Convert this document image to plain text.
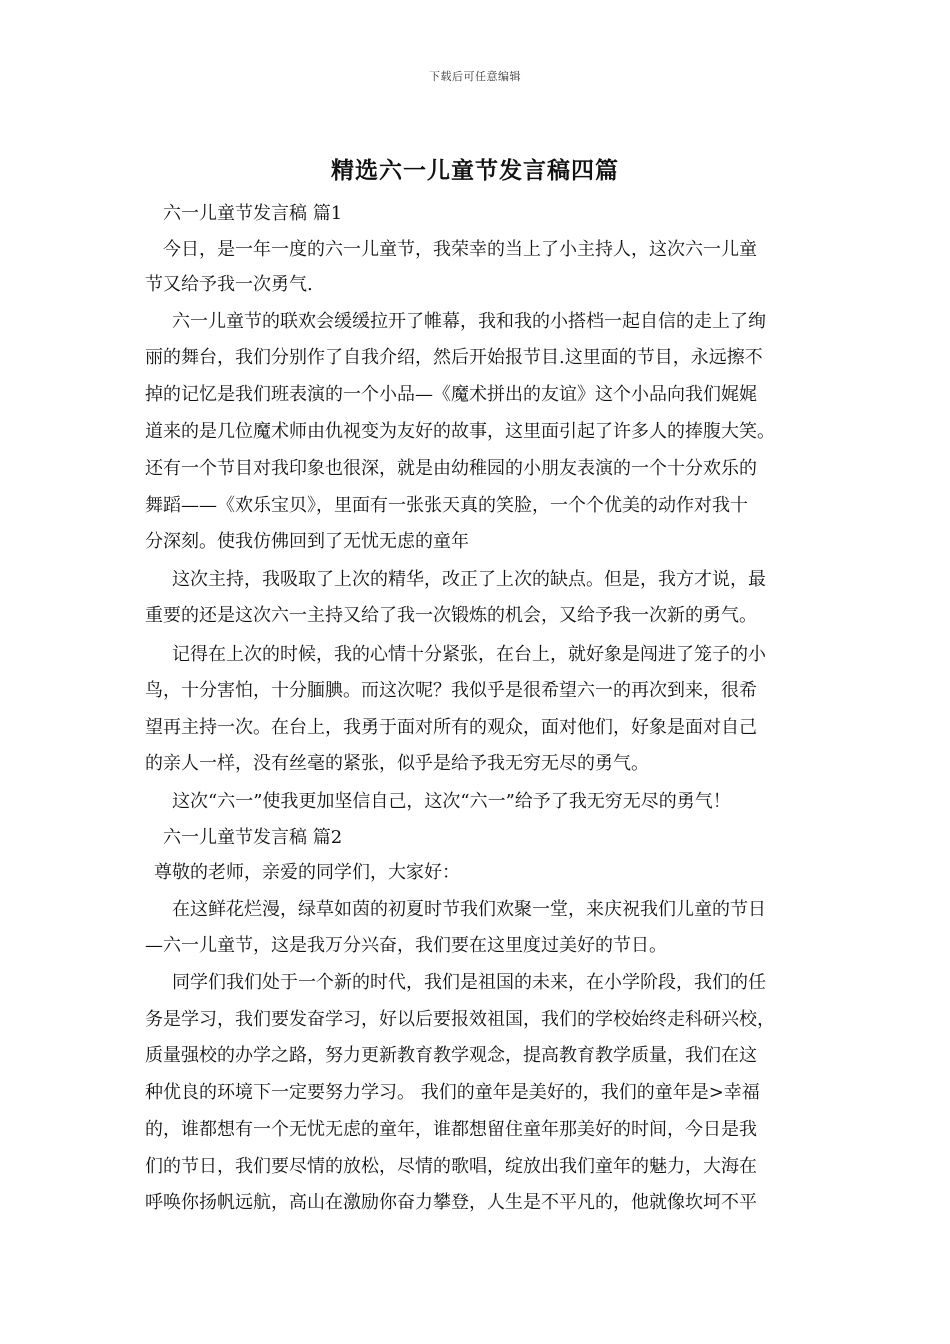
下载后可任意编辑
精选六一儿童节发言稿四篇
六一儿童节发言稿 篇1
今日，是一年一度的六一儿童节，我荣幸的当上了小主持人，这次六一儿童
节又给予我一次勇气.
六一儿童节的联欢会缓缓拉开了帷幕，我和我的小搭档一起自信的走上了绚
丽的舞台，我们分别作了自我介绍，然后开始报节目.这里面的节目，永远擦不
掉的记忆是我们班表演的一个小品—《魔术拼出的友谊》这个小品向我们娓娓
道来的是几位魔术师由仇视变为友好的故事，这里面引起了许多人的捧腹大笑。
还有一个节目对我印象也很深，就是由幼稚园的小朋友表演的一个十分欢乐的
舞蹈——《欢乐宝贝》，里面有一张张天真的笑脸，一个个优美的动作对我十
分深刻。使我仿佛回到了无忧无虑的童年
这次主持，我吸取了上次的精华，改正了上次的缺点。但是，我方才说，最
重要的还是这次六一主持又给了我一次锻炼的机会，又给予我一次新的勇气。
记得在上次的时候，我的心情十分紧张，在台上，就好象是闯进了笼子的小
鸟，十分害怕，十分腼腆。而这次呢？我似乎是很希望六一的再次到来，很希
望再主持一次。在台上，我勇于面对所有的观众，面对他们，好象是面对自己
的亲人一样，没有丝毫的紧张，似乎是给予我无穷无尽的勇气。
这次“六一”使我更加坚信自己，这次“六一”给予了我无穷无尽的勇气！
六一儿童节发言稿 篇2
尊敬的老师，亲爱的同学们，大家好：
在这鲜花烂漫，绿草如茵的初夏时节我们欢聚一堂，来庆祝我们儿童的节日
—六一儿童节，这是我万分兴奋，我们要在这里度过美好的节日。
同学们我们处于一个新的时代，我们是祖国的未来，在小学阶段，我们的任
务是学习，我们要发奋学习，好以后要报效祖国，我们的学校始终走科研兴校，
质量强校的办学之路，努力更新教育教学观念，提高教育教学质量，我们在这
种优良的环境下一定要努力学习。 我们的童年是美好的，我们的童年是>幸福
的，谁都想有一个无忧无虑的童年，谁都想留住童年那美好的时间，今日是我
们的节日，我们要尽情的放松，尽情的歌唱，绽放出我们童年的魅力，大海在
呼唤你扬帆远航，高山在激励你奋力攀登，人生是不平凡的，他就像坎坷不平
